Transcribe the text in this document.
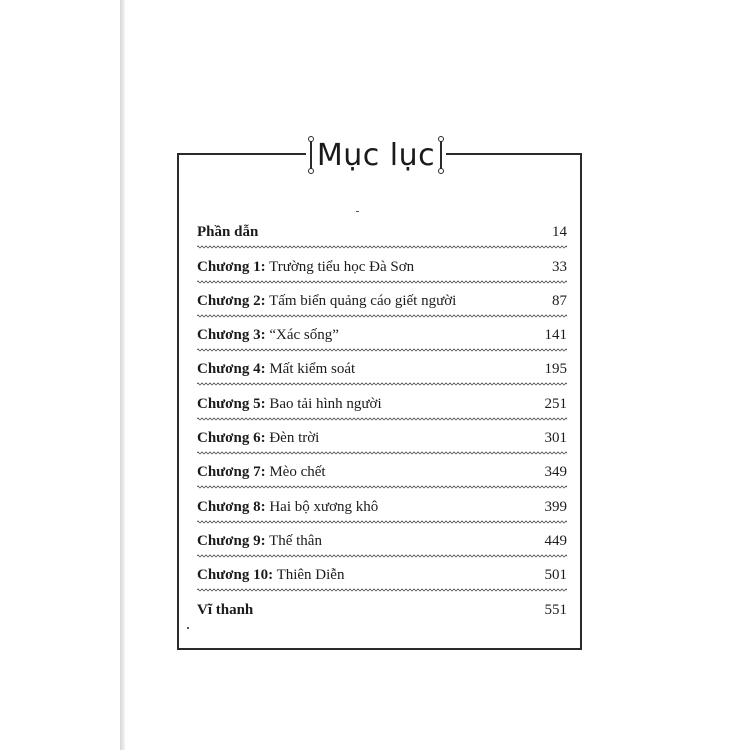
Mục lục
Phần dẫn	14
Chương 1: Trường tiểu học Đà Sơn	33
Chương 2: Tấm biển quảng cáo giết người	87
Chương 3: “Xác sống”	141
Chương 4: Mất kiểm soát	195
Chương 5: Bao tải hình người	251
Chương 6: Đèn trời	301
Chương 7: Mèo chết	349
Chương 8: Hai bộ xương khô	399
Chương 9: Thế thân	449
Chương 10: Thiên Diễn	501
Vĩ thanh	551
